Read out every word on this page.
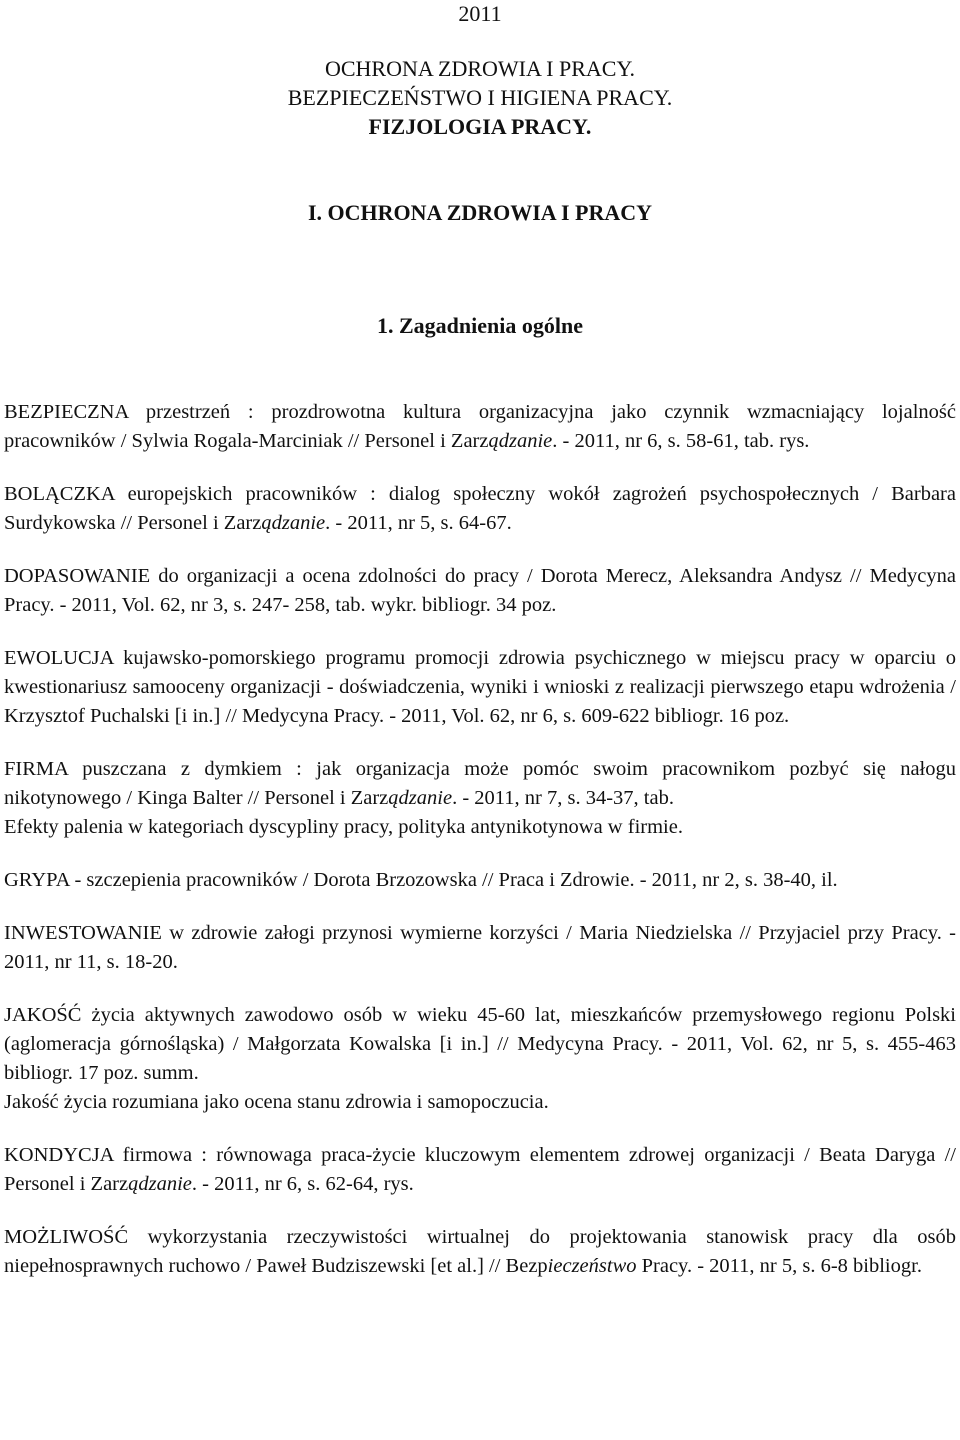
2011
OCHRONA ZDROWIA I PRACY.
BEZPIECZEŃSTWO I HIGIENA PRACY.
FIZJOLOGIA PRACY.
I. OCHRONA ZDROWIA I PRACY
1. Zagadnienia ogólne
BEZPIECZNA przestrzeń : prozdrowotna kultura organizacyjna jako czynnik wzmacniający lojalność pracowników / Sylwia Rogala-Marciniak // Personel i Zarządzanie. - 2011, nr 6, s. 58-61, tab. rys.
BOLĄCZKA europejskich pracowników : dialog społeczny wokół zagrożeń psychospołecznych / Barbara Surdykowska // Personel i Zarządzanie. - 2011, nr 5, s. 64-67.
DOPASOWANIE do organizacji a ocena zdolności do pracy / Dorota Merecz, Aleksandra Andysz // Medycyna Pracy. - 2011, Vol. 62, nr 3, s. 247- 258, tab. wykr. bibliogr. 34 poz.
EWOLUCJA kujawsko-pomorskiego programu promocji zdrowia psychicznego w miejscu pracy w oparciu o kwestionariusz samooceny organizacji - doświadczenia, wyniki i wnioski z realizacji pierwszego etapu wdrożenia / Krzysztof Puchalski [i in.] // Medycyna Pracy. - 2011, Vol. 62, nr 6, s. 609-622 bibliogr. 16 poz.
FIRMA puszczana z dymkiem : jak organizacja może pomóc swoim pracownikom pozbyć się nałogu nikotynowego / Kinga Balter // Personel i Zarządzanie. - 2011, nr 7, s. 34-37, tab.
Efekty palenia w kategoriach dyscypliny pracy, polityka antynikotynowa w firmie.
GRYPA - szczepienia pracowników / Dorota Brzozowska // Praca i Zdrowie. - 2011, nr 2, s. 38-40, il.
INWESTOWANIE w zdrowie załogi przynosi wymierne korzyści / Maria Niedzielska // Przyjaciel przy Pracy. - 2011, nr 11, s. 18-20.
JAKOŚĆ życia aktywnych zawodowo osób w wieku 45-60 lat, mieszkańców przemysłowego regionu Polski (aglomeracja górnośląska) / Małgorzata Kowalska [i in.] // Medycyna Pracy. - 2011, Vol. 62, nr 5, s. 455-463 bibliogr. 17 poz. summ.
Jakość życia rozumiana jako ocena stanu zdrowia i samopoczucia.
KONDYCJA firmowa : równowaga praca-życie kluczowym elementem zdrowej organizacji / Beata Daryga // Personel i Zarządzanie. - 2011, nr 6, s. 62-64, rys.
MOŻLIWOŚĆ wykorzystania rzeczywistości wirtualnej do projektowania stanowisk pracy dla osób niepełnosprawnych ruchowo / Paweł Budziszewski [et al.] // Bezpieczeństwo Pracy. - 2011, nr 5, s. 6-8 bibliogr.
